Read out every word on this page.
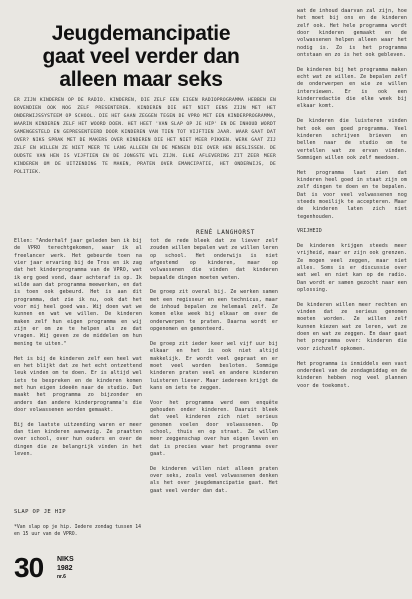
Jeugdemancipatie
gaat veel verder dan
alleen maar seks

ER ZIJN KINDEREN OP DE RADIO. KINDEREN, DIE ZELF EEN EIGEN RADIOPROGRAMMA HEBBEN EN BOVENDIEN OOK NOG ZELF PRESENTEREN. KINDEREN DIE HET NIET EENS ZIJN MET HET ONDERWIJSSYSTEEM OP SCHOOL. DIE HET GAAN ZEGGEN TEGEN DE VPRO MET EEN KINDERPROGRAMMA, WAARIN KINDEREN ZELF HET WOORD DOEN. HET HEET 'VAN SLAP OP JE HIP' EN DE INHOUD WORDT SAMENGESTELD EN GEPRESENTEERD DOOR KINDEREN VAN TIEN TOT VIJFTIEN JAAR. WAAR GAAT DAT OVER? NIKS SPRAK MET DE MAKERS OVER KINDEREN DIE HET NIET MEER PIKKEN. WERK GAAT ZIJ ZELF EN WILLEN ZE NIET MEER TE LANG ALLEEN EN DE MENSEN DIE OVER HEN BESLISSEN. DE OUDSTE VAN HEN IS VIJFTIEN EN DE JONGSTE WIL ZIJN. ELKE AFLEVERING ZIT ZEER MEER KINDEREN OM DE UITZENDING TE MAKEN, PRATEN OVER EMANCIPATIE, HET ONDERWIJS, DE POLITIEK.

RENÉ LANGHORST

Ellen: "Anderhalf jaar geleden ben ik bij de VPRO terechtgekomen, waar ik al freelancer werk. Het gebeurde toen na vier jaar ervaring bij de Tros en ik zag dat het kinderprogramma van de VPRO, wat ik erg goed vond, daar achteraf is op. Ik wilde aan dat programma meewerken, en dat is toen ook gebeurd. Het is aan dit programma, dat zie ik nu, ook dat het voor mij heel goed was. Wij doen wat we kunnen en wat we willen. De kinderen maken zelf hun eigen programma en wij zijn er om ze te helpen als ze dat vragen. Wij geven ze de middelen om hun mening te uiten."

Het is bij de kinderen zelf een heel wat en het blijkt dat ze het echt ontzettend leuk vinden om te doen. Er is altijd wel iets te bespreken en de kinderen komen met hun eigen ideeën naar de studio. Dat maakt het programma zo bijzonder en anders dan andere kinderprogramma's die door volwassenen worden gemaakt.

Bij de laatste uitzending waren er meer dan tien kinderen aanwezig. Ze praatten over school, over hun ouders en over de dingen die ze belangrijk vinden in het leven.

SLAP OP JE HIP

*Van slap op je hip. Iedere zondag tussen 14 en 15 uur van de VPRO.

tot de rede bleek dat ze liever zelf zouden willen bepalen wat ze willen leren op school. Het onderwijs is niet afgestemd op kinderen, maar op volwassenen die vinden dat kinderen bepaalde dingen moeten weten.

De groep zit overal bij. Ze werken samen met een regisseur en een technicus, maar de inhoud bepalen ze helemaal zelf. Ze komen elke week bij elkaar om over de onderwerpen te praten. Daarna wordt er opgenomen en gemonteerd.

De groep zit ieder keer wel vijf uur bij elkaar en het is ook niet altijd makkelijk. Er wordt veel gepraat en er moet veel worden besloten. Sommige kinderen praten veel en andere kinderen luisteren liever. Maar iedereen krijgt de kans om iets te zeggen.

Voor het programma werd een enquête gehouden onder kinderen. Daaruit bleek dat veel kinderen zich niet serieus genomen voelen door volwassenen. Op school, thuis en op straat. Ze willen meer zeggenschap over hun eigen leven en dat is precies waar het programma over gaat.

De kinderen willen niet alleen praten over seks, zoals veel volwassenen denken als het over jeugdemancipatie gaat. Het gaat veel verder dan dat.

wat de inhoud daarvan zal zijn, hoe het moet bij ons en de kinderen zelf ook. Het hele programma wordt door kinderen gemaakt en de volwassenen helpen alleen waar het nodig is. Zo is het programma ontstaan en zo is het ook gebleven.

De kinderen bij het programma maken echt wat ze willen. Ze bepalen zelf de onderwerpen en wie ze willen interviewen. Er is ook een kinderredactie die elke week bij elkaar komt.

De kinderen die luisteren vinden het ook een goed programma. Veel kinderen schrijven brieven en bellen naar de studio om te vertellen wat ze ervan vinden. Sommigen willen ook zelf meedoen.

Het programma laat zien dat kinderen heel goed in staat zijn om zelf dingen te doen en te bepalen. Dat is voor veel volwassenen nog steeds moeilijk te accepteren. Maar de kinderen laten zich niet tegenhouden.

VRIJHEID

De kinderen krijgen steeds meer vrijheid, maar er zijn ook grenzen. Ze mogen veel zeggen, maar niet alles. Soms is er discussie over wat wel en niet kan op de radio. Dan wordt er samen gezocht naar een oplossing.

De kinderen willen meer rechten en vinden dat ze serieus genomen moeten worden. Ze willen zelf kunnen kiezen wat ze leren, wat ze doen en wat ze zeggen. En daar gaat het programma over: kinderen die voor zichzelf opkomen.

Het programma is inmiddels een vast onderdeel van de zondagmiddag en de kinderen hebben nog veel plannen voor de toekomst.

30 NIKS
1982
nr.6
